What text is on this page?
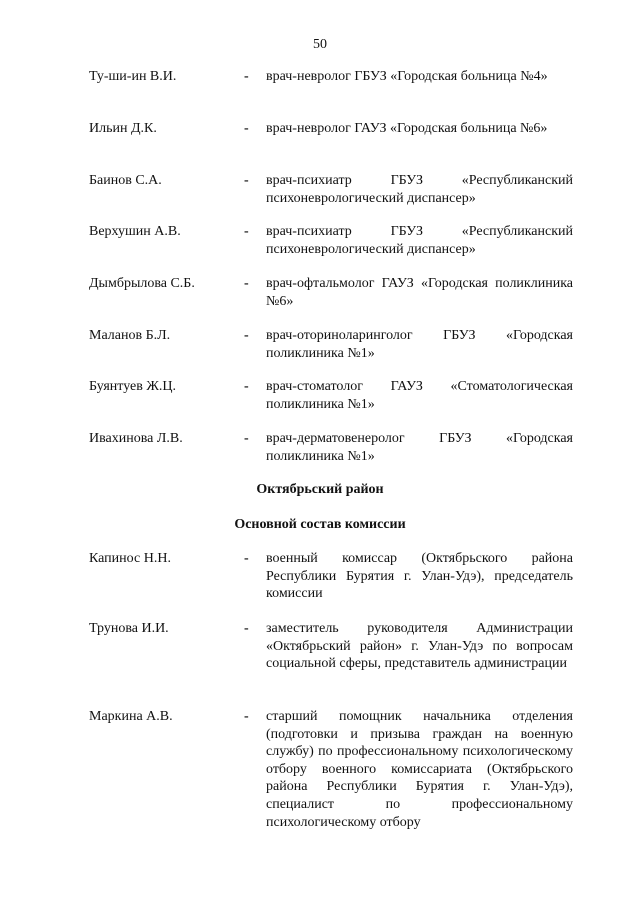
50
Ту-ши-ин В.И.	- врач-невролог ГБУЗ «Городская больница №4»
Ильин Д.К.	- врач-невролог ГАУЗ «Городская больница №6»
Баинов С.А.	- врач-психиатр ГБУЗ «Республиканский психоневрологический диспансер»
Верхушин А.В.	- врач-психиатр ГБУЗ «Республиканский психоневрологический диспансер»
Дымбрылова С.Б.	- врач-офтальмолог ГАУЗ «Городская поликлиника №6»
Маланов Б.Л.	- врач-оториноларинголог ГБУЗ «Городская поликлиника №1»
Буянтуев Ж.Ц.	- врач-стоматолог ГАУЗ «Стоматологическая поликлиника №1»
Ивахинова Л.В.	- врач-дерматовенеролог ГБУЗ «Городская поликлиника №1»
Октябрьский район
Основной состав комиссии
Капинос Н.Н.	- военный комиссар (Октябрьского района Республики Бурятия г. Улан-Удэ), председатель комиссии
Трунова И.И.	- заместитель руководителя Администрации «Октябрьский район» г. Улан-Удэ по вопросам социальной сферы, представитель администрации
Маркина А.В.	- старший помощник начальника отделения (подготовки и призыва граждан на военную службу) по профессиональному психологическому отбору военного комиссариата (Октябрьского района Республики Бурятия г. Улан-Удэ), специалист по профессиональному психологическому отбору
